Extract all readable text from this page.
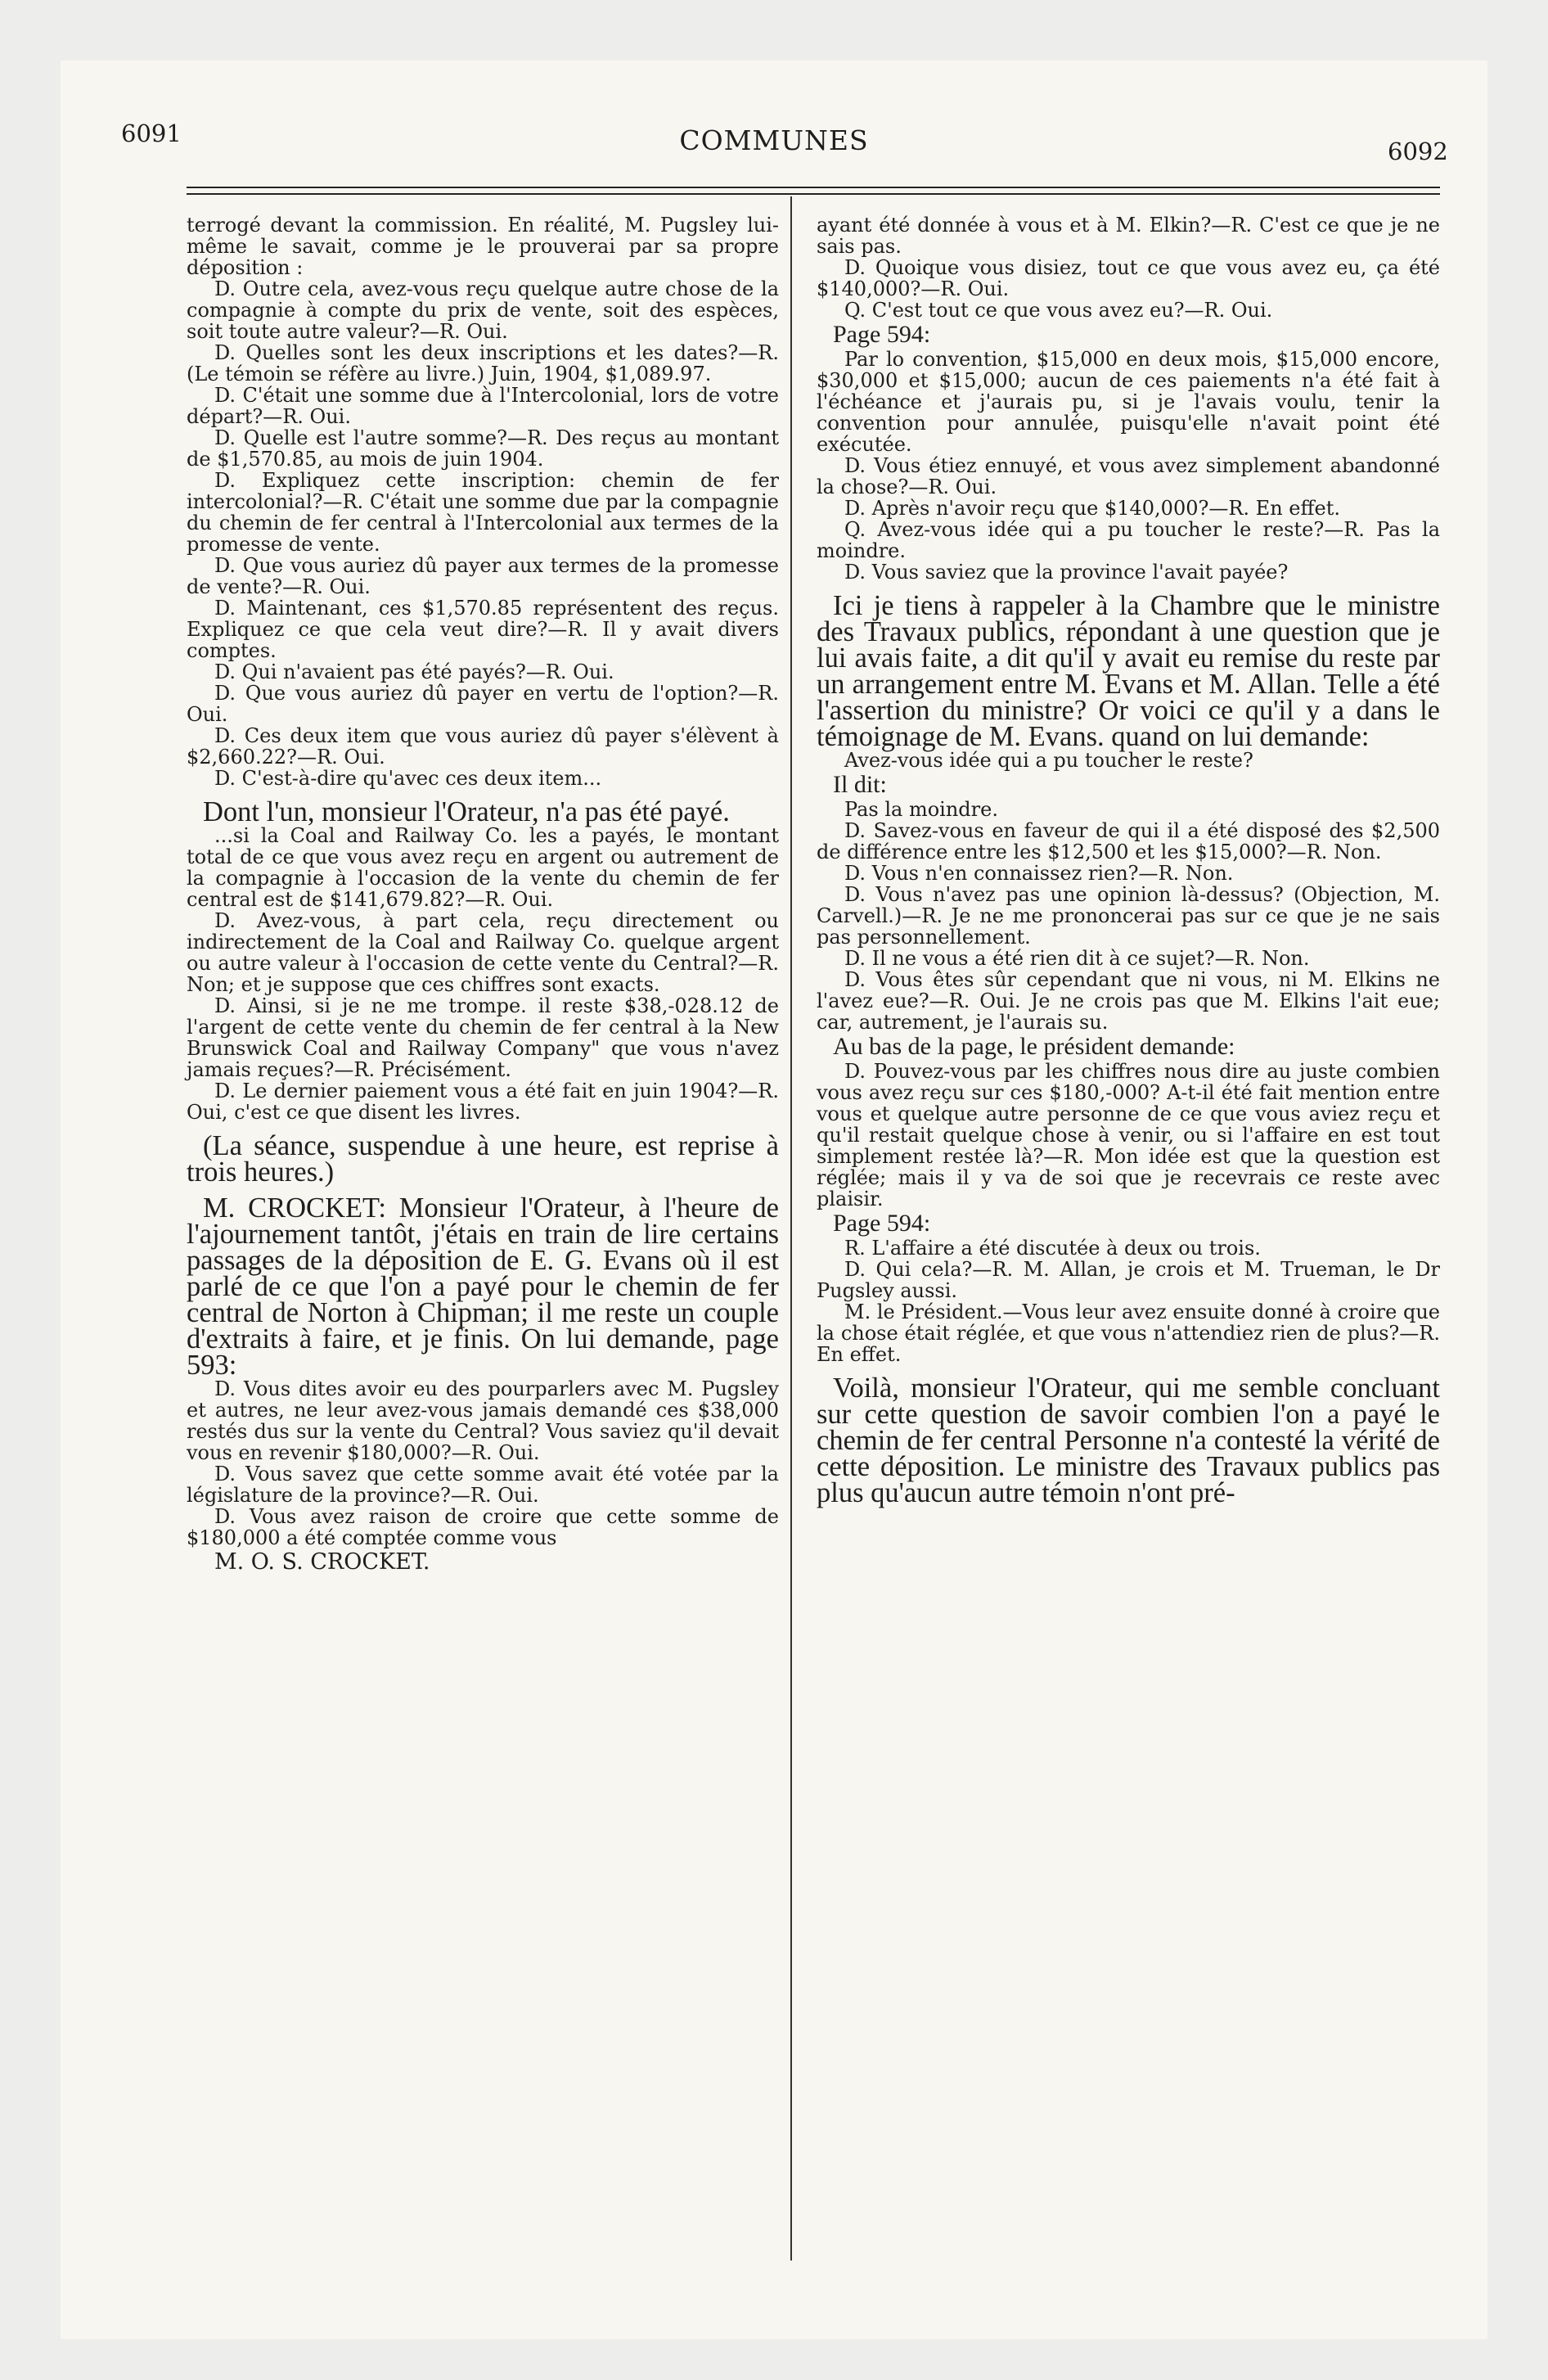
6091	COMMUNES	6092

terrogé devant la commission. En réalité, M. Pugsley lui-même le savait, comme je le prouverai par sa propre déposition :

D. Outre cela, avez-vous reçu quelque autre chose de la compagnie à compte du prix de vente, soit des espèces, soit toute autre valeur?—R. Oui.

D. Quelles sont les deux inscriptions et les dates?—R. (Le témoin se réfère au livre.) Juin, 1904, $1,089.97.

D. C'était une somme due à l'Intercolonial, lors de votre départ?—R. Oui.

D. Quelle est l'autre somme?—R. Des reçus au montant de $1,570.85, au mois de juin 1904.

D. Expliquez cette inscription: chemin de fer intercolonial?—R. C'était une somme due par la compagnie du chemin de fer central à l'Intercolonial aux termes de la promesse de vente.

D. Que vous auriez dû payer aux termes de la promesse de vente?—R. Oui.

D. Maintenant, ces $1,570.85 représentent des reçus. Expliquez ce que cela veut dire?—R. Il y avait divers comptes.

D. Qui n'avaient pas été payés?—R. Oui.

D. Que vous auriez dû payer en vertu de l'option?—R. Oui.

D. Ces deux item que vous auriez dû payer s'élèvent à $2,660.22?—R. Oui.

D. C'est-à-dire qu'avec ces deux item...

Dont l'un, monsieur l'Orateur, n'a pas été payé.

...si la Coal and Railway Co. les a payés, le montant total de ce que vous avez reçu en argent ou autrement de la compagnie à l'occasion de la vente du chemin de fer central est de $141,679.82?—R. Oui.

D. Avez-vous, à part cela, reçu directement ou indirectement de la Coal and Railway Co. quelque argent ou autre valeur à l'occasion de cette vente du Central?—R. Non; et je suppose que ces chiffres sont exacts.

D. Ainsi, si je ne me trompe. il reste $38,-028.12 de l'argent de cette vente du chemin de fer central à la New Brunswick Coal and Railway Company" que vous n'avez jamais reçues?—R. Précisément.

D. Le dernier paiement vous a été fait en juin 1904?—R. Oui, c'est ce que disent les livres.

(La séance, suspendue à une heure, est reprise à trois heures.)

M. CROCKET: Monsieur l'Orateur, à l'heure de l'ajournement tantôt, j'étais en train de lire certains passages de la déposition de E. G. Evans où il est parlé de ce que l'on a payé pour le chemin de fer central de Norton à Chipman; il me reste un couple d'extraits à faire, et je finis. On lui demande, page 593:

D. Vous dites avoir eu des pourparlers avec M. Pugsley et autres, ne leur avez-vous jamais demandé ces $38,000 restés dus sur la vente du Central? Vous saviez qu'il devait vous en revenir $180,000?—R. Oui.

D. Vous savez que cette somme avait été votée par la législature de la province?—R. Oui.

D. Vous avez raison de croire que cette somme de $180,000 a été comptée comme vous

M. O. S. CROCKET.

ayant été donnée à vous et à M. Elkin?—R. C'est ce que je ne sais pas.

D. Quoique vous disiez, tout ce que vous avez eu, ça été $140,000?—R. Oui.

Q. C'est tout ce que vous avez eu?—R. Oui.

Page 594:

Par lo convention, $15,000 en deux mois, $15,000 encore, $30,000 et $15,000; aucun de ces paiements n'a été fait à l'échéance et j'aurais pu, si je l'avais voulu, tenir la convention pour annulée, puisqu'elle n'avait point été exécutée.

D. Vous étiez ennuyé, et vous avez simplement abandonné la chose?—R. Oui.

D. Après n'avoir reçu que $140,000?—R. En effet.

Q. Avez-vous idée qui a pu toucher le reste?—R. Pas la moindre.

D. Vous saviez que la province l'avait payée?

Ici je tiens à rappeler à la Chambre que le ministre des Travaux publics, répondant à une question que je lui avais faite, a dit qu'il y avait eu remise du reste par un arrangement entre M. Evans et M. Allan. Telle a été l'assertion du ministre? Or voici ce qu'il y a dans le témoignage de M. Evans. quand on lui demande:

Avez-vous idée qui a pu toucher le reste?

Il dit:

Pas la moindre.

D. Savez-vous en faveur de qui il a été disposé des $2,500 de différence entre les $12,500 et les $15,000?—R. Non.

D. Vous n'en connaissez rien?—R. Non.

D. Vous n'avez pas une opinion là-dessus? (Objection, M. Carvell.)—R. Je ne me prononcerai pas sur ce que je ne sais pas personnellement.

D. Il ne vous a été rien dit à ce sujet?—R. Non.

D. Vous êtes sûr cependant que ni vous, ni M. Elkins ne l'avez eue?—R. Oui. Je ne crois pas que M. Elkins l'ait eue; car, autrement, je l'aurais su.

Au bas de la page, le président demande:

D. Pouvez-vous par les chiffres nous dire au juste combien vous avez reçu sur ces $180,-000? A-t-il été fait mention entre vous et quelque autre personne de ce que vous aviez reçu et qu'il restait quelque chose à venir, ou si l'affaire en est tout simplement restée là?—R. Mon idée est que la question est réglée; mais il y va de soi que je recevrais ce reste avec plaisir.

Page 594:

R. L'affaire a été discutée à deux ou trois.

D. Qui cela?—R. M. Allan, je crois et M. Trueman, le Dr Pugsley aussi.

M. le Président.—Vous leur avez ensuite donné à croire que la chose était réglée, et que vous n'attendiez rien de plus?—R. En effet.

Voilà, monsieur l'Orateur, qui me semble concluant sur cette question de savoir combien l'on a payé le chemin de fer central Personne n'a contesté la vérité de cette déposition. Le ministre des Travaux publics pas plus qu'aucun autre témoin n'ont pré-
